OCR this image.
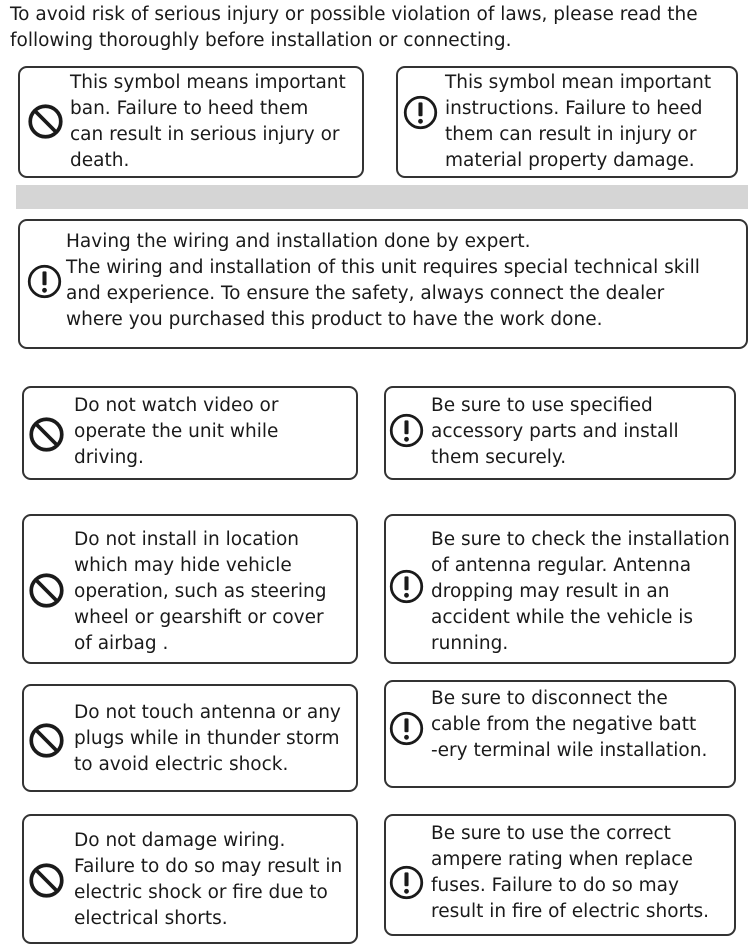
To avoid risk of serious injury or possible violation of laws, please read the

following thoroughly before installation or connecting.

This symbol means important
ban. Failure to heed them
can result in serious injury or
death.
This symbol mean important
instructions. Failure to heed
them can result in injury or
material property damage.
Having the wiring and installation done by expert.
The wiring and installation of this unit requires special technical skill
and experience. To ensure the safety, always connect the dealer
where you purchased this product to have the work done.
Do not watch video or
operate the unit while
driving.
Be sure to use specified
accessory parts and install
them securely.
Do not install in location
which may hide vehicle
operation, such as steering
wheel or gearshift or cover
of airbag .
Be sure to check the installation
of antenna regular. Antenna
dropping may result in an
accident while the vehicle is
running.
Do not touch antenna or any
plugs while in thunder storm
to avoid electric shock.
Be sure to disconnect the
cable from the negative batt
-ery terminal wile installation.
Do not damage wiring.
Failure to do so may result in
electric shock or fire due to
electrical shorts.
Be sure to use the correct
ampere rating when replace
fuses. Failure to do so may
result in fire of electric shorts.
